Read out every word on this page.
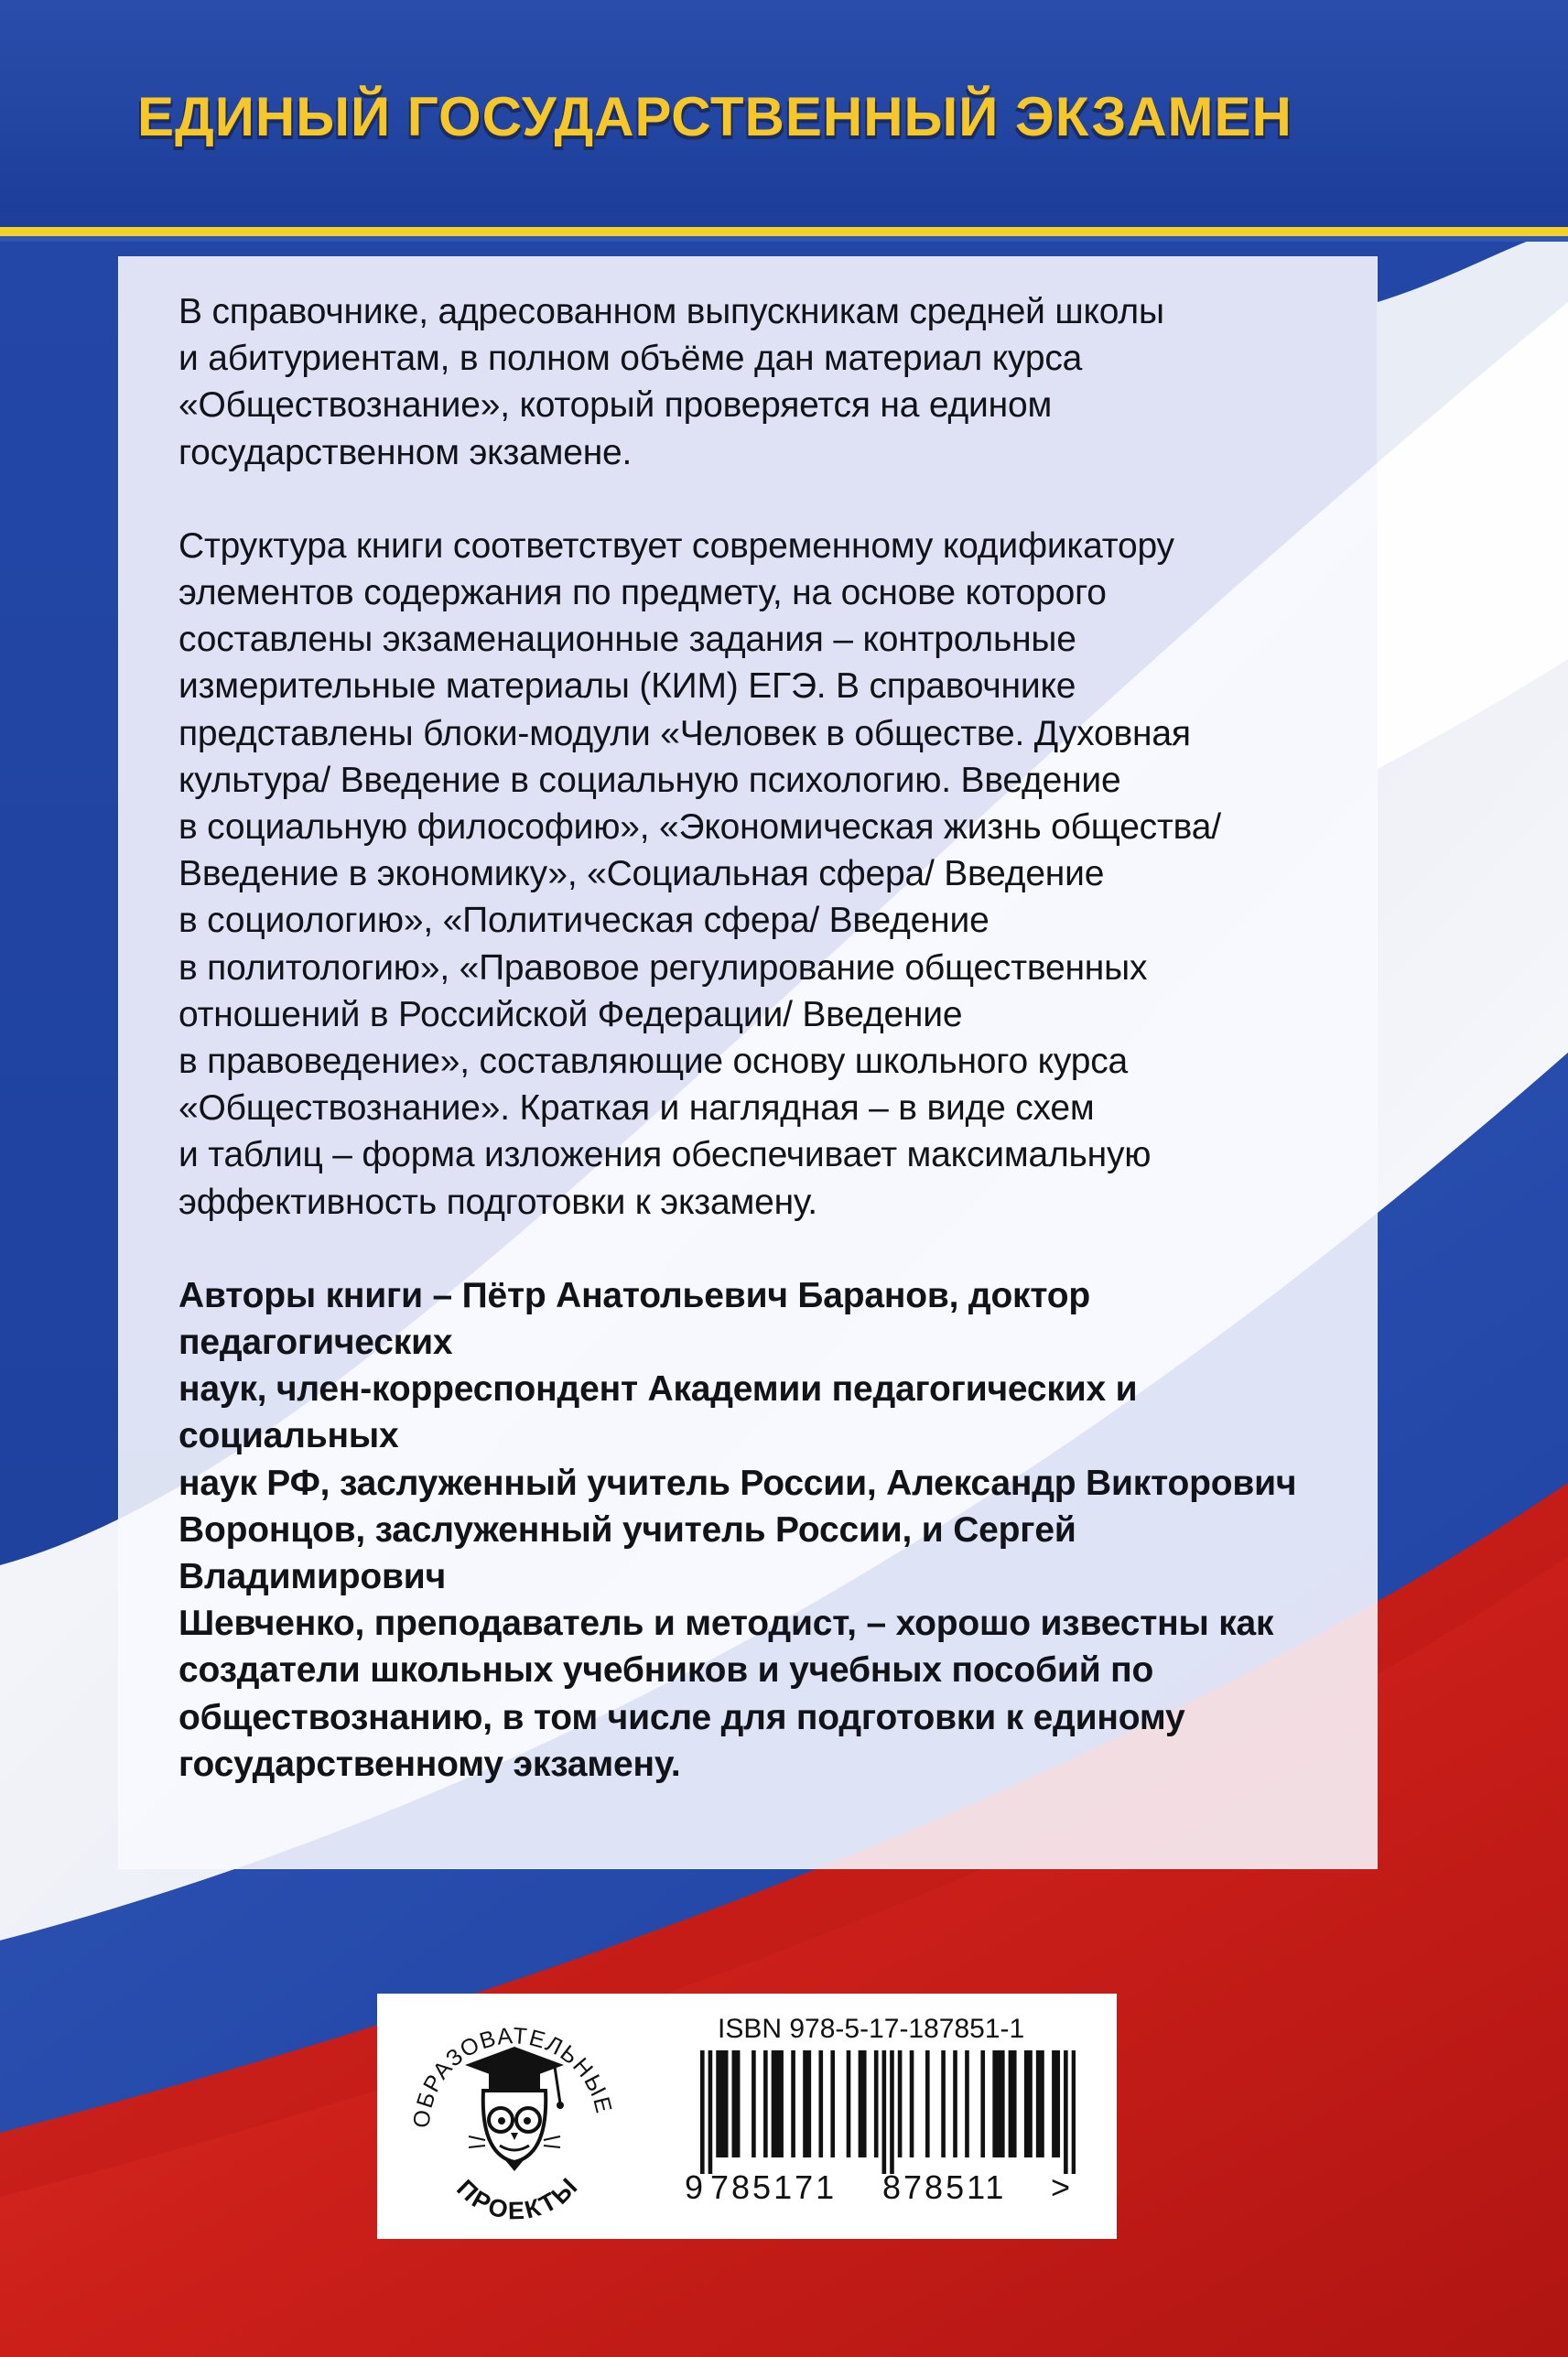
ЕДИНЫЙ ГОСУДАРСТВЕННЫЙ ЭКЗАМЕН

В справочнике, адресованном выпускникам средней школы
и абитуриентам, в полном объёме дан материал курса
«Обществознание», который проверяется на едином
государственном экзамене.

Структура книги соответствует современному кодификатору
элементов содержания по предмету, на основе которого
составлены экзаменационные задания – контрольные
измерительные материалы (КИМ) ЕГЭ. В справочнике
представлены блоки-модули «Человек в обществе. Духовная
культура/ Введение в социальную психологию. Введение
в социальную философию», «Экономическая жизнь общества/
Введение в экономику», «Социальная сфера/ Введение
в социологию», «Политическая сфера/ Введение
в политологию», «Правовое регулирование общественных
отношений в Российской Федерации/ Введение
в правоведение», составляющие основу школьного курса
«Обществознание». Краткая и наглядная – в виде схем
и таблиц – форма изложения обеспечивает максимальную
эффективность подготовки к экзамену.

Авторы книги – Пётр Анатольевич Баранов, доктор педагогических
наук, член-корреспондент Академии педагогических и социальных
наук РФ, заслуженный учитель России, Александр Викторович
Воронцов, заслуженный учитель России, и Сергей Владимирович
Шевченко, преподаватель и методист, – хорошо известны как
создатели школьных учебников и учебных пособий по
обществознанию, в том числе для подготовки к единому
государственному экзамену.

ОБРАЗОВАТЕЛЬНЫЕ
ПРОЕКТЫ

ISBN 978-5-17-187851-1

9 785171 878511 >
